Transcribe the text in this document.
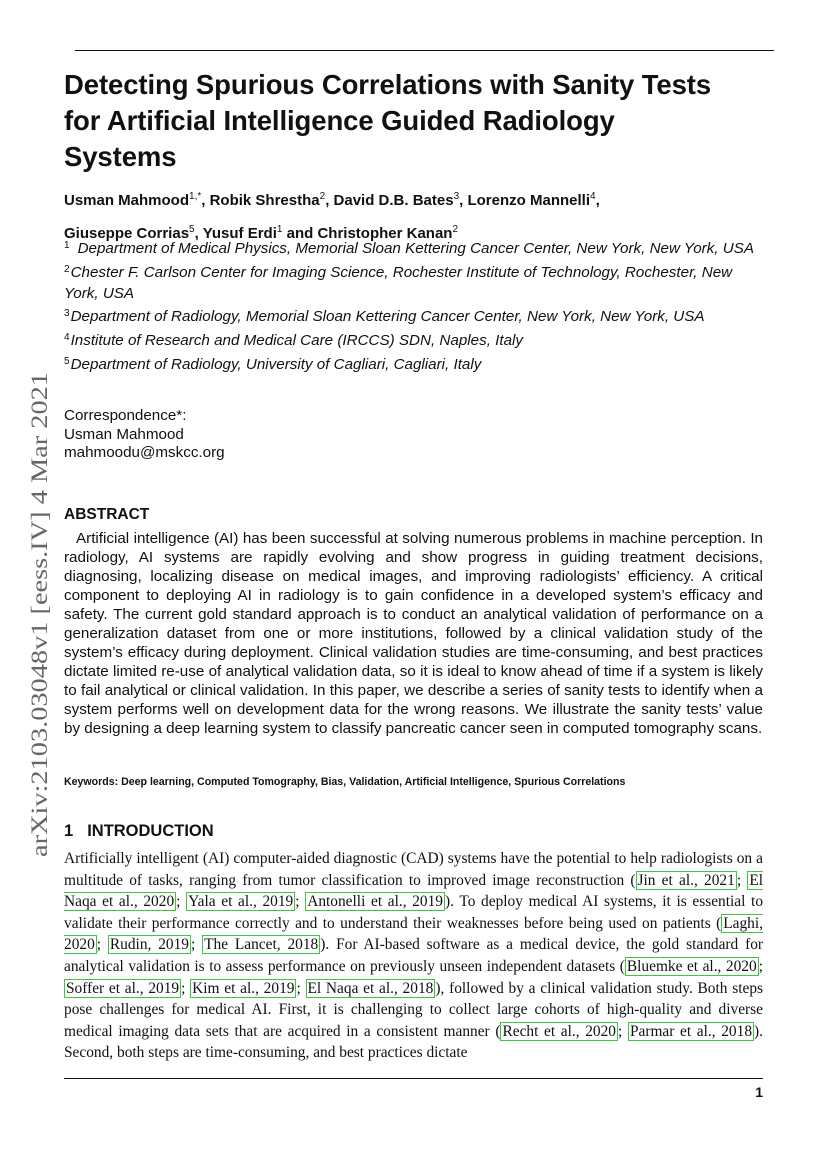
arXiv:2103.03048v1 [eess.IV] 4 Mar 2021
Detecting Spurious Correlations with Sanity Tests for Artificial Intelligence Guided Radiology Systems
Usman Mahmood$^{1,*}$, Robik Shrestha$^2$, David D.B. Bates$^3$, Lorenzo Mannelli$^4$,
Giuseppe Corrias$^5$, Yusuf Erdi$^1$ and Christopher Kanan$^2$
$^1$ Department of Medical Physics, Memorial Sloan Kettering Cancer Center, New York, New York, USA
$^2$Chester F. Carlson Center for Imaging Science, Rochester Institute of Technology, Rochester, New York, USA
$^3$Department of Radiology, Memorial Sloan Kettering Cancer Center, New York, New York, USA
$^4$Institute of Research and Medical Care (IRCCS) SDN, Naples, Italy
$^5$Department of Radiology, University of Cagliari, Cagliari, Italy
Correspondence*:
Usman Mahmood
mahmoodu@mskcc.org
ABSTRACT

Artificial intelligence (AI) has been successful at solving numerous problems in machine perception. In radiology, AI systems are rapidly evolving and show progress in guiding treatment decisions, diagnosing, localizing disease on medical images, and improving radiologists’ efficiency. A critical component to deploying AI in radiology is to gain confidence in a developed system’s efficacy and safety. The current gold standard approach is to conduct an analytical validation of performance on a generalization dataset from one or more institutions, followed by a clinical validation study of the system’s efficacy during deployment. Clinical validation studies are time-consuming, and best practices dictate limited re-use of analytical validation data, so it is ideal to know ahead of time if a system is likely to fail analytical or clinical validation. In this paper, we describe a series of sanity tests to identify when a system performs well on development data for the wrong reasons. We illustrate the sanity tests’ value by designing a deep learning system to classify pancreatic cancer seen in computed tomography scans.

Keywords: Deep learning, Computed Tomography, Bias, Validation, Artificial Intelligence, Spurious Correlations
1 INTRODUCTION

Artificially intelligent (AI) computer-aided diagnostic (CAD) systems have the potential to help radiologists on a multitude of tasks, ranging from tumor classification to improved image reconstruction ( Jin et al., 2021 ; El Naqa et al., 2020 ; Yala et al., 2019 ; Antonelli et al., 2019 ). To deploy medical AI systems, it is essential to validate their performance correctly and to understand their weaknesses before being used on patients ( Laghi, 2020 ; Rudin, 2019 ; The Lancet, 2018 ). For AI-based software as a medical device, the gold standard for analytical validation is to assess performance on previously unseen independent datasets ( Bluemke et al., 2020 ; Soffer et al., 2019 ; Kim et al., 2019 ; El Naqa et al., 2018 ), followed by a clinical validation study. Both steps pose challenges for medical AI. First, it is challenging to collect large cohorts of high-quality and diverse medical imaging data sets that are acquired in a consistent manner ( Recht et al., 2020 ; Parmar et al., 2018 ). Second, both steps are time-consuming, and best practices dictate

1
